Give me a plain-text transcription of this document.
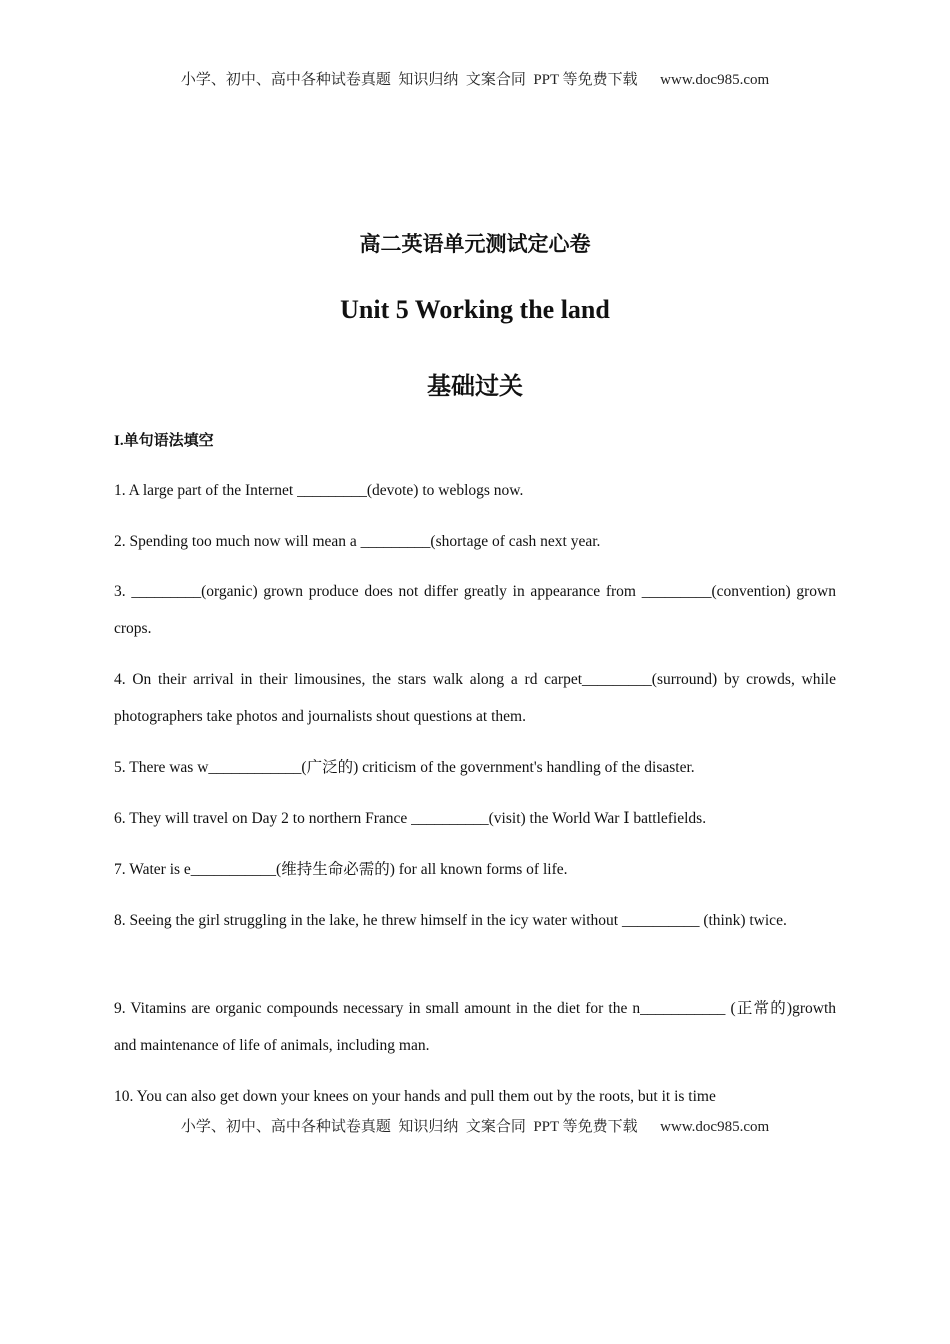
小学、初中、高中各种试卷真题  知识归纳  文案合同  PPT 等免费下载      www.doc985.com
高二英语单元测试定心卷
Unit 5 Working the land
基础过关
I.单句语法填空
1. A large part of the Internet _________(devote) to weblogs now.
2. Spending too much now will mean a _________(shortage of cash next year.
3. _________(organic) grown produce does not differ greatly in appearance from _________(convention) grown crops.
4. On their arrival in their limousines, the stars walk along a rd carpet_________(surround) by crowds, while photographers take photos and journalists shout questions at them.
5. There was w____________(广泛的) criticism of the government's handling of the disaster.
6. They will travel on Day 2 to northern France __________(visit) the World War Ⅰ battlefields.
7. Water is e___________(维持生命必需的) for all known forms of life.
8. Seeing the girl struggling in the lake, he threw himself in the icy water without __________ (think) twice.
9. Vitamins are organic compounds necessary in small amount in the diet for the n___________ (正常的)growth and maintenance of life of animals, including man.
10. You can also get down your knees on your hands and pull them out by the roots, but it is time
小学、初中、高中各种试卷真题  知识归纳  文案合同  PPT 等免费下载      www.doc985.com
